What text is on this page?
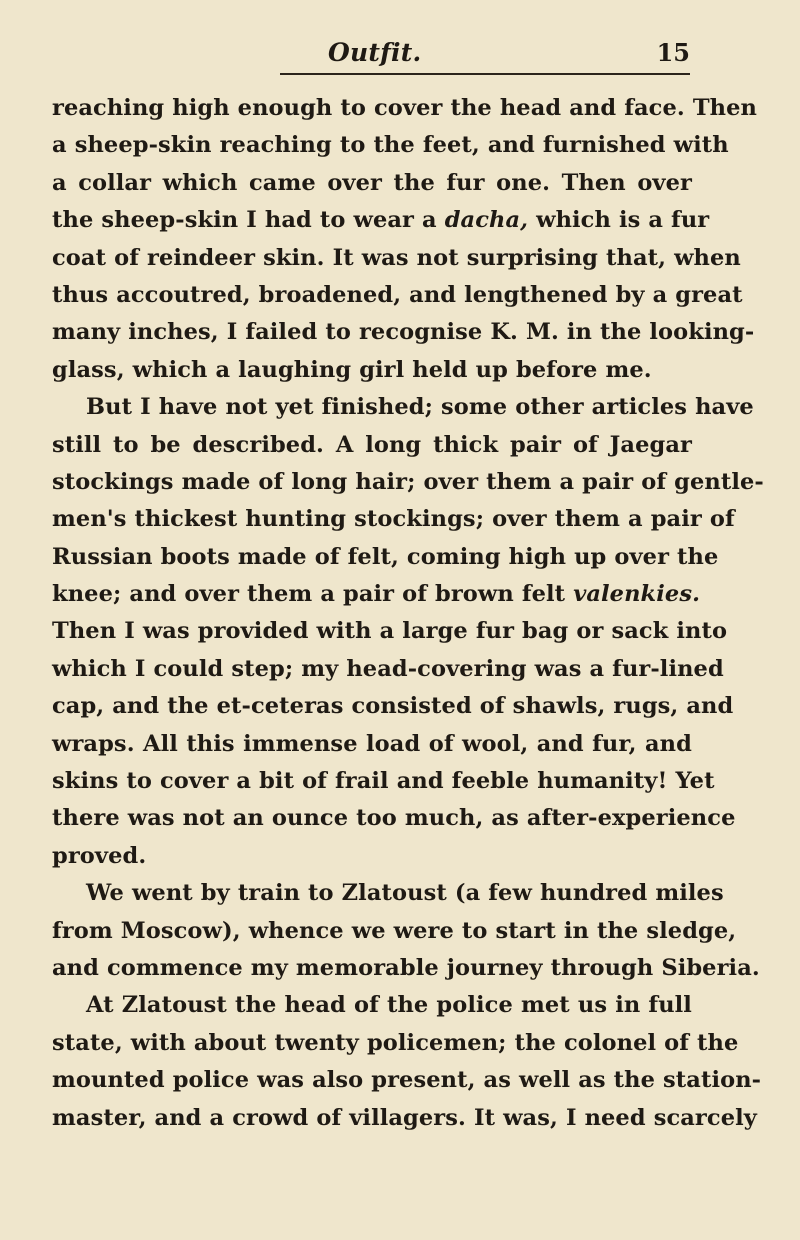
Outfit.	15
reaching high enough to cover the head and face. Then
a sheep-skin reaching to the feet, and furnished with
a collar which came over the fur one. Then over
the sheep-skin I had to wear a dacha, which is a fur
coat of reindeer skin. It was not surprising that, when
thus accoutred, broadened, and lengthened by a great
many inches, I failed to recognise K. M. in the looking-
glass, which a laughing girl held up before me.
But I have not yet finished; some other articles have
still to be described. A long thick pair of Jaegar
stockings made of long hair; over them a pair of gentle-
men's thickest hunting stockings; over them a pair of
Russian boots made of felt, coming high up over the
knee; and over them a pair of brown felt valenkies.
Then I was provided with a large fur bag or sack into
which I could step; my head-covering was a fur-lined
cap, and the et-ceteras consisted of shawls, rugs, and
wraps. All this immense load of wool, and fur, and
skins to cover a bit of frail and feeble humanity! Yet
there was not an ounce too much, as after-experience
proved.
We went by train to Zlatoust (a few hundred miles
from Moscow), whence we were to start in the sledge,
and commence my memorable journey through Siberia.
At Zlatoust the head of the police met us in full
state, with about twenty policemen; the colonel of the
mounted police was also present, as well as the station-
master, and a crowd of villagers. It was, I need scarcely
